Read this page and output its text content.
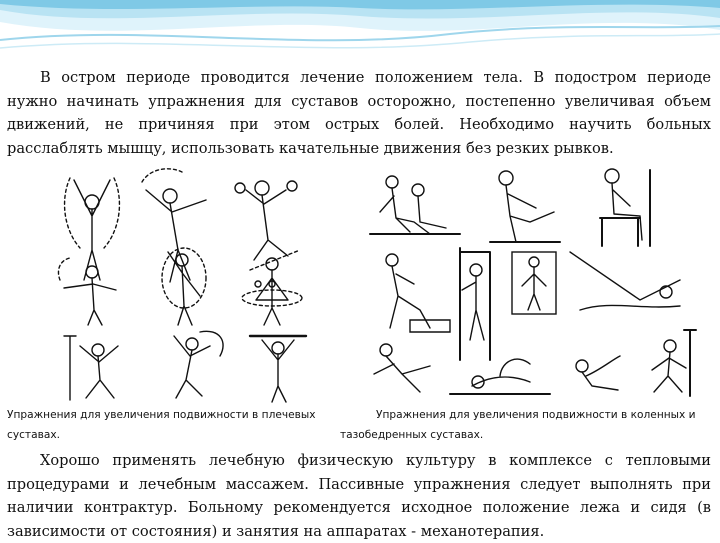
В остром периоде проводится лечение положением тела. В подостром периоде нужно начинать упражнения для суставов осторожно, постепенно увеличивая объем движений, не причиняя при этом острых болей. Необходимо научить больных расслаблять мышцу, использовать качательные движения без резких рывков.

Упражнения для увеличения подвижности в плечевых суставах.
Упражнения для увеличения подвижности в коленных и
тазобедренных суставах.

Хорошо применять лечебную физическую культуру в комплексе с тепловыми процедурами и лечебным массажем. Пассивные упражнения следует выполнять при наличии контрактур. Больному рекомендуется исходное положение лежа и сидя (в зависимости от состояния) и занятия на аппаратах - механотерапия.
